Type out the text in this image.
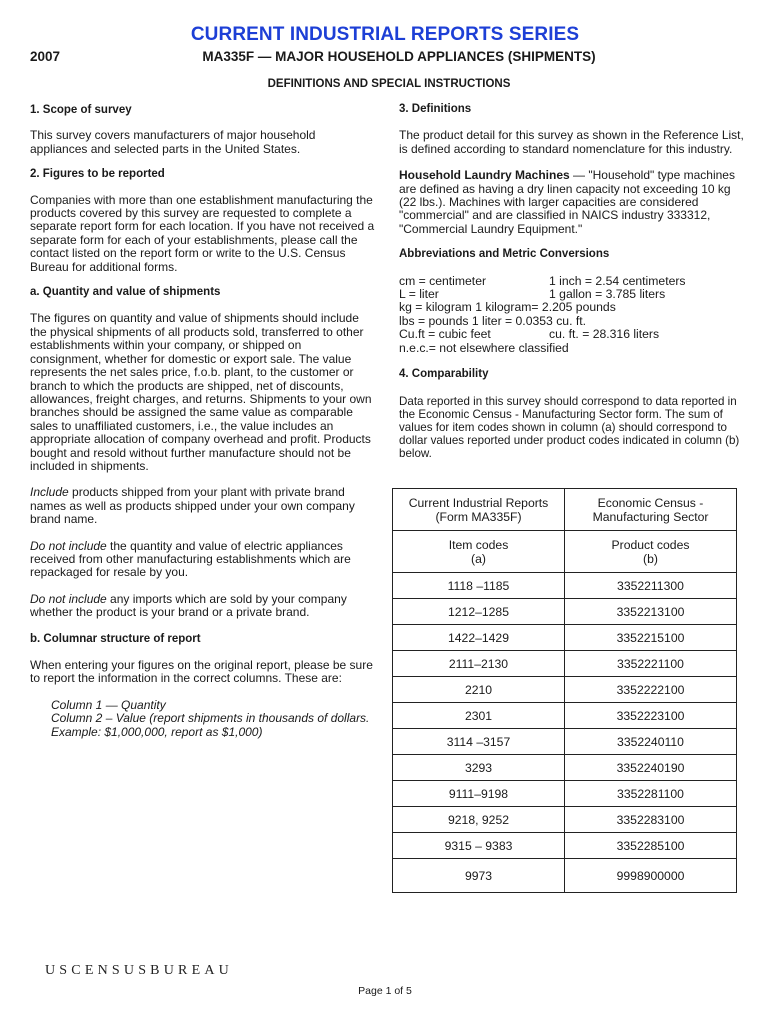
CURRENT INDUSTRIAL REPORTS SERIES
2007	MA335F — MAJOR HOUSEHOLD APPLIANCES (SHIPMENTS)
DEFINITIONS AND SPECIAL INSTRUCTIONS
1. Scope of survey

This survey covers manufacturers of major household appliances and selected parts in the United States.

2. Figures to be reported

Companies with more than one establishment manufacturing the products covered by this survey are requested to complete a separate report form for each location. If you have not received a separate form for each of your establishments, please call the contact listed on the report form or write to the U.S. Census Bureau for additional forms.

a. Quantity and value of shipments

The figures on quantity and value of shipments should include the physical shipments of all products sold, transferred to other establishments within your company, or shipped on consignment, whether for domestic or export sale. The value represents the net sales price, f.o.b. plant, to the customer or branch to which the products are shipped, net of discounts, allowances, freight charges, and returns. Shipments to your own branches should be assigned the same value as comparable sales to unaffiliated customers, i.e., the value includes an appropriate allocation of company overhead and profit. Products bought and resold without further manufacture should not be included in shipments.

Include products shipped from your plant with private brand names as well as products shipped under your own company brand name.

Do not include the quantity and value of electric appliances received from other manufacturing establishments which are repackaged for resale by you.

Do not include any imports which are sold by your company whether the product is your brand or a private brand.

b. Columnar structure of report

When entering your figures on the original report, please be sure to report the information in the correct columns. These are:

Column 1 — Quantity

Column 2 – Value (report shipments in thousands of dollars. Example: $1,000,000, report as $1,000)

3. Definitions

The product detail for this survey as shown in the Reference List, is defined according to standard nomenclature for this industry.

Household Laundry Machines — "Household" type machines are defined as having a dry linen capacity not exceeding 10 kg (22 lbs.). Machines with larger capacities are considered "commercial" and are classified in NAICS industry 333312, "Commercial Laundry Equipment."

Abbreviations and Metric Conversions
cm = centimeter	1 inch = 2.54 centimeters
L = liter	1 gallon = 3.785 liters
kg = kilogram 1 kilogram= 2.205 pounds
lbs = pounds 1 liter = 0.0353 cu. ft.
Cu.ft = cubic feet	cu. ft. = 28.316 liters
n.e.c.= not elsewhere classified
4. Comparability

Data reported in this survey should correspond to data reported in the Economic Census - Manufacturing Sector form. The sum of values for item codes shown in column (a) should correspond to dollar values reported under product codes indicated in column (b) below.

Current Industrial Reports
(Form MA335F)	Economic Census -
Manufacturing Sector
Item codes
(a)	Product codes
(b)
1118 –1185	3352211300
1212–1285	3352213100
1422–1429	3352215100
2111–2130	3352221100
2210	3352222100
2301	3352223100
3114 –3157	3352240110
3293	3352240190
9111–9198	3352281100
9218, 9252	3352283100
9315 – 9383	3352285100
9973	9998900000
USCENSUSBUREAU
Page 1 of 5
